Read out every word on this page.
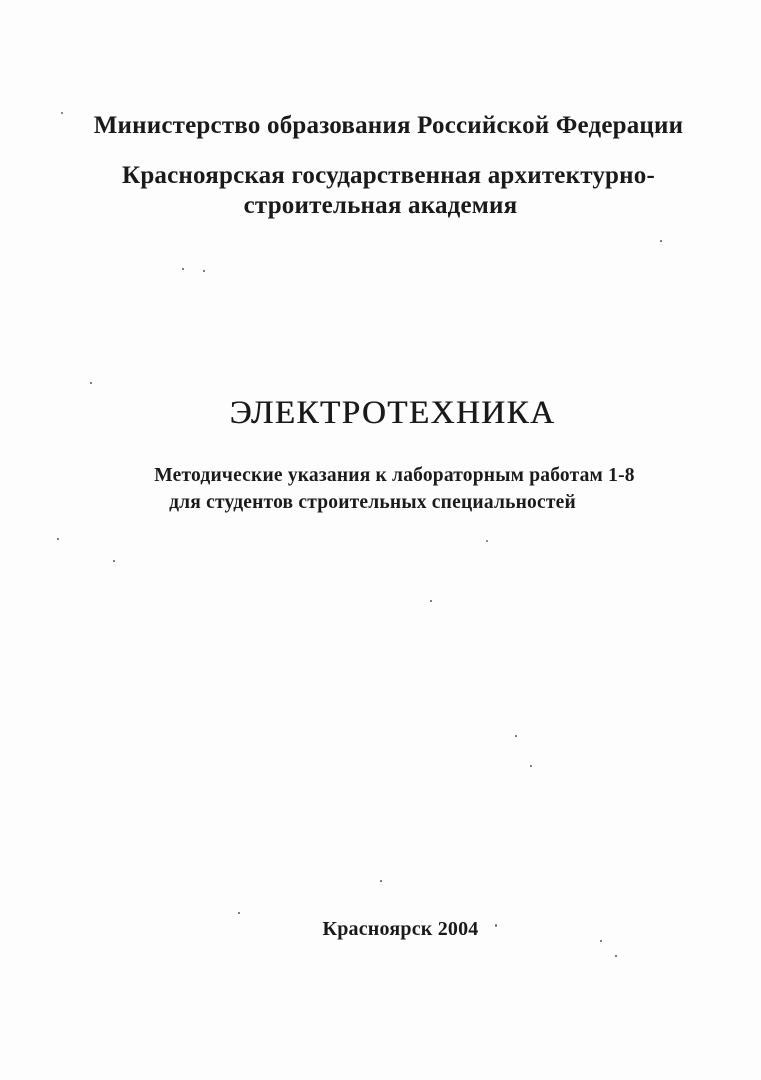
Министерство образования Российской Федерации
Красноярская государственная архитектурно-
строительная академия
ЭЛЕКТРОТЕХНИКА
Методические указания к лабораторным работам 1-8
для студентов строительных специальностей
Красноярск 2004
